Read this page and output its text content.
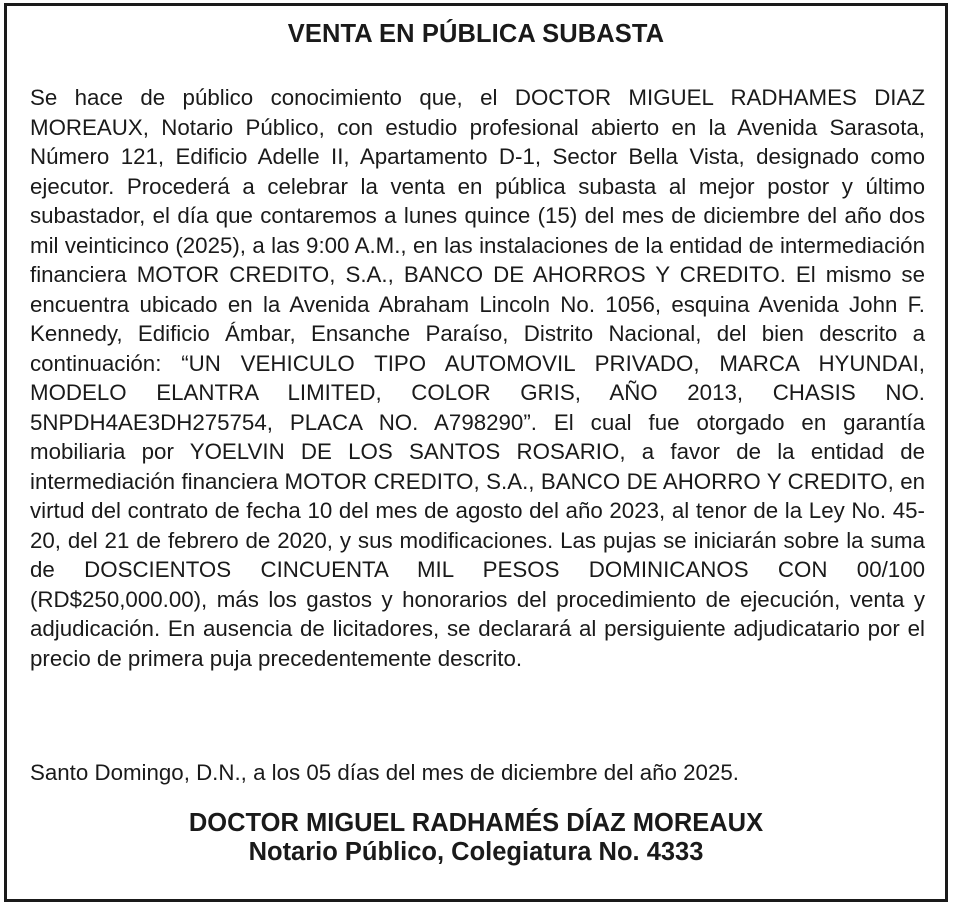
VENTA EN PÚBLICA SUBASTA

Se hace de público conocimiento que, el DOCTOR MIGUEL RADHAMES DIAZ MOREAUX, Notario Público, con estudio profesional abierto en la Avenida Sarasota, Número 121, Edificio Adelle II, Apartamento D-1, Sector Bella Vista, designado como ejecutor. Procederá a celebrar la venta en pública subasta al mejor postor y último subastador, el día que contaremos a lunes quince (15) del mes de diciembre del año dos mil veinticinco (2025), a las 9:00 A.M., en las instalaciones de la entidad de intermediación financiera MOTOR CREDITO, S.A., BANCO DE AHORROS Y CREDITO. El mismo se encuentra ubicado en la Avenida Abraham Lincoln No. 1056, esquina Avenida John F. Kennedy, Edificio Ámbar, Ensanche Paraíso, Distrito Nacional, del bien descrito a continuación: “UN VEHICULO TIPO AUTOMOVIL PRIVADO, MARCA HYUNDAI, MODELO ELANTRA LIMITED, COLOR GRIS, AÑO 2013, CHASIS NO. 5NPDH4AE3DH275754, PLACA NO. A798290”. El cual fue otorgado en garantía mobiliaria por YOELVIN DE LOS SANTOS ROSARIO, a favor de la entidad de intermediación financiera MOTOR CREDITO, S.A., BANCO DE AHORRO Y CREDITO, en virtud del contrato de fecha 10 del mes de agosto del año 2023, al tenor de la Ley No. 45-20, del 21 de febrero de 2020, y sus modificaciones. Las pujas se iniciarán sobre la suma de DOSCIENTOS CINCUENTA MIL PESOS DOMINICANOS CON 00/100 (RD$250,000.00), más los gastos y honorarios del procedimiento de ejecución, venta y adjudicación. En ausencia de licitadores, se declarará al persiguiente adjudicatario por el precio de primera puja precedentemente descrito.

Santo Domingo, D.N., a los 05 días del mes de diciembre del año 2025.

DOCTOR MIGUEL RADHAMÉS DÍAZ MOREAUX
Notario Público, Colegiatura No. 4333
